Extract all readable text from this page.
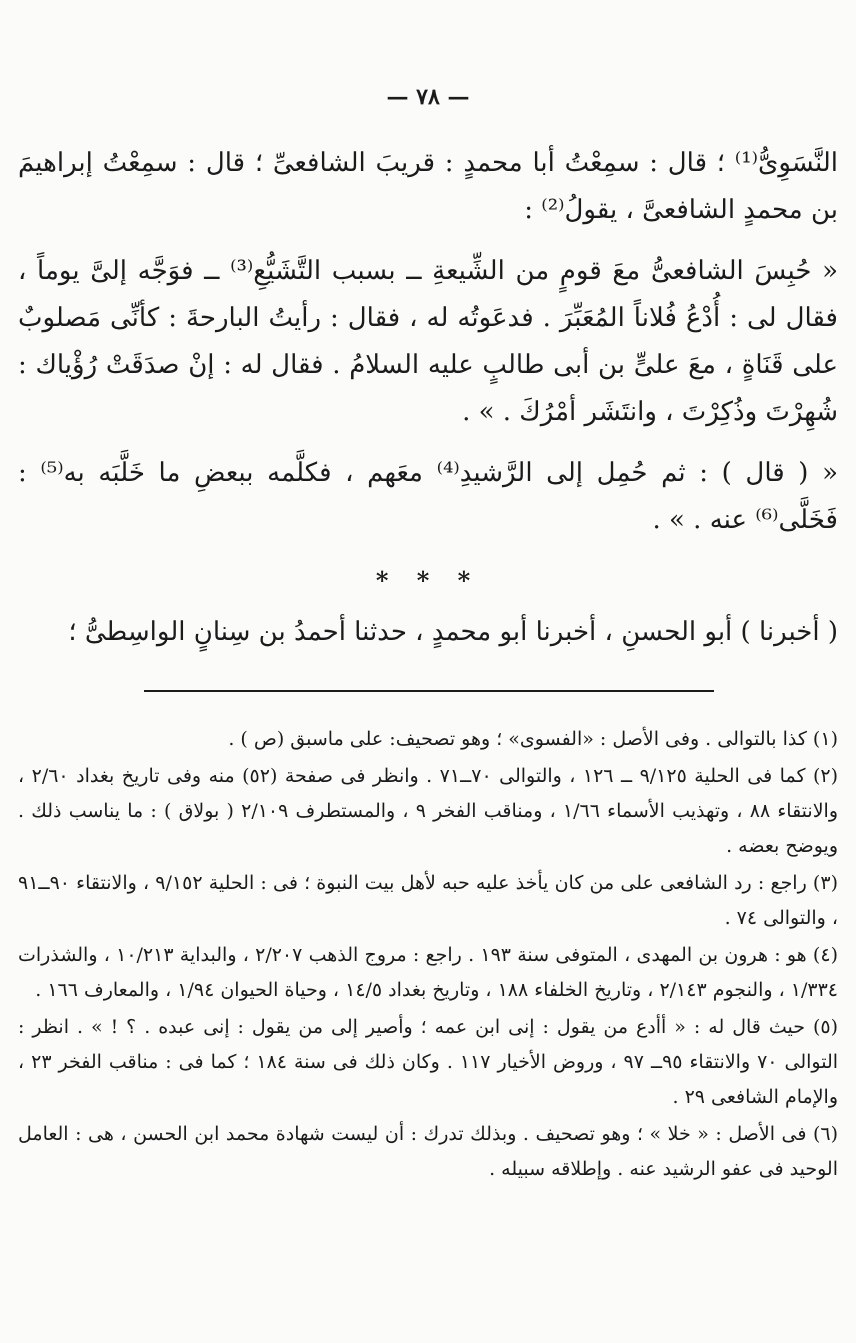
— ٧٨ —

النَّسَوِىُّ⁽¹⁾ ؛ قال : سمِعْتُ أبا محمدٍ : قريبَ الشافعىِّ ؛ قال : سمِعْتُ إبراهيمَ بن محمدٍ الشافعىَّ ، يقولُ⁽²⁾ :

« حُبِسَ الشافعىُّ معَ قومٍ من الشِّيعةِ ــ بسبب التَّشَيُّعِ⁽³⁾ ــ فوَجَّه إلىَّ يوماً ، فقال لى : أُدْعُ فُلاناً المُعَبِّرَ . فدعَوتُه له ، فقال : رأيتُ البارحةَ : كأنِّى مَصلوبٌ على قَنَاةٍ ، معَ علىٍّ بن أبى طالبٍ عليه السلامُ . فقال له : إنْ صدَقَتْ رُؤْياك : شُهِرْتَ وذُكِرْتَ ، وانتَشَر أمْرُكَ . » .

« ( قال ) : ثم حُمِل إلى الرَّشيدِ⁽⁴⁾ معَهم ، فكلَّمه ببعضِ ما خَلَّبَه به⁽⁵⁾ : فَخَلَّى⁽⁶⁾ عنه . » .

* * *

( أخبرنا ) أبو الحسنِ ، أخبرنا أبو محمدٍ ، حدثنا أحمدُ بن سِنانٍ الواسِطىُّ ؛

(١) كذا بالتوالى . وفى الأصل : «الفسوى» ؛ وهو تصحيف: على ماسبق (ص ) .

(٢) كما فى الحلية ٩/١٢٥ ــ ١٢٦ ، والتوالى ٧٠ــ٧١ . وانظر فى صفحة (٥٢) منه وفى تاريخ بغداد ٢/٦٠ ، والانتقاء ٨٨ ، وتهذيب الأسماء ١/٦٦ ، ومناقب الفخر ٩ ، والمستطرف ٢/١٠٩ ( بولاق ) : ما يناسب ذلك . ويوضح بعضه .

(٣) راجع : رد الشافعى على من كان يأخذ عليه حبه لأهل بيت النبوة ؛ فى : الحلية ٩/١٥٢ ، والانتقاء ٩٠ــ٩١ ، والتوالى ٧٤ .

(٤) هو : هرون بن المهدى ، المتوفى سنة ١٩٣ . راجع : مروج الذهب ٢/٢٠٧ ، والبداية ١٠/٢١٣ ، والشذرات ١/٣٣٤ ، والنجوم ٢/١٤٣ ، وتاريخ الخلفاء ١٨٨ ، وتاريخ بغداد ١٤/٥ ، وحياة الحيوان ١/٩٤ ، والمعارف ١٦٦ .

(٥) حيث قال له : « أأدع من يقول : إنى ابن عمه ؛ وأصير إلى من يقول : إنى عبده . ؟ ! » . انظر : التوالى ٧٠ والانتقاء ٩٥ــ ٩٧ ، وروض الأخيار ١١٧ . وكان ذلك فى سنة ١٨٤ ؛ كما فى : مناقب الفخر ٢٣ ، والإمام الشافعى ٢٩ .

(٦) فى الأصل : « خلا » ؛ وهو تصحيف . وبذلك تدرك : أن ليست شهادة محمد ابن الحسن ، هى : العامل الوحيد فى عفو الرشيد عنه . وإطلاقه سبيله .
